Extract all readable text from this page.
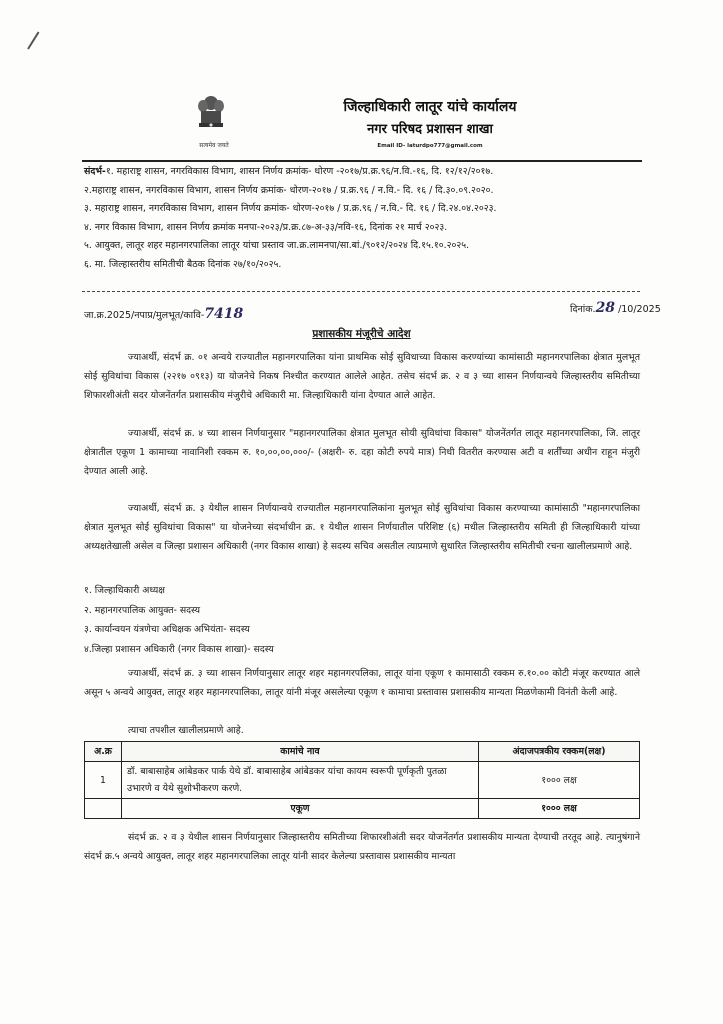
सत्यमेव जयते
जिल्हाधिकारी लातूर यांचे कार्यालय
नगर परिषद प्रशासन शाखा
Email ID- laturdpo777@gmail.com
संदर्भ-१. महाराष्ट्र शासन, नगरविकास विभाग, शासन निर्णय क्रमांक- धोरण -२०१७/प्र.क्र.९६/न.वि.-१६, दि. १२/१२/२०१७.
२.महाराष्ट्र शासन, नगरविकास विभाग, शासन निर्णय क्रमांक- धोरण-२०१७ / प्र.क्र.९६ / न.वि.- दि. १६ / दि.३०.०९.२०२०.
३. महाराष्ट्र शासन, नगरविकास विभाग, शासन निर्णय क्रमांक- धोरण-२०१७ / प्र.क्र.९६ / न.वि.- दि. १६ / दि.२४.०४.२०२३.
४. नगर विकास विभाग, शासन निर्णय क्रमांक मनपा-२०२३/प्र.क्र.८७-अ-३३/नवि-१६, दिनांक २१ मार्च २०२३.
५. आयुक्त, लातूर शहर महानगरपालिका लातूर यांचा प्रस्ताव जा.क्र.लामनपा/सा.बां./९०१२/२०२४ दि.१५.१०.२०२५.
६. मा. जिल्हास्तरीय समितीची बैठक दिनांक २७/१०/२०२५.
जा.क्र.2025/नपाप्र/मुलभूत/कावि-7418	दिनांक.28 /10/2025
प्रशासकीय मंजूरीचे आदेश
ज्याअर्थी, संदर्भ क्र. ०१ अन्वये राज्यातील महानगरपालिका यांना प्राथमिक सोई सुविधाच्या विकास करण्यांच्या कामांसाठी महानगरपालिका क्षेत्रात मुलभूत सोई सुविधांचा विकास (२२१७ ०९१३) या योजनेचे निकष निश्चीत करण्यात आलेले आहेत. तसेच संदर्भ क्र. २ व ३ च्या शासन निर्णयान्वये जिल्हास्तरीय समितीच्या शिफारशीअंती सदर योजनेंतर्गत प्रशासकीय मंजुरीचे अधिकारी मा. जिल्हाधिकारी यांना देण्यात आले आहेत.
ज्याअर्थी, संदर्भ क्र. ४ च्या शासन निर्णयानुसार "महानगरपालिका क्षेत्रात मुलभूत सोयी सुविधांचा विकास" योजनेंतर्गत लातूर महानगरपालिका, जि. लातूर क्षेत्रातील एकूण 1 कामाच्या नावानिशी रक्कम रु. १०,००,००,०००/- (अक्षरी- रु. दहा कोटी रुपये मात्र) निधी वितरीत करण्यास अटी व शर्तींच्या अधीन राहून मंजुरी देण्यात आली आहे.
ज्याअर्थी, संदर्भ क्र. ३ येथील शासन निर्णयान्वये राज्यातील महानगरपालिकांना मुलभूत सोई सुविधांचा विकास करण्याच्या कामांसाठी "महानगरपालिका क्षेत्रात मुलभूत सोई सुविधांचा विकास" या योजनेच्या संदर्भाधीन क्र. १ येथील शासन निर्णयातील परिशिष्ट (६) मधील जिल्हास्तरीय समिती ही जिल्हाधिकारी यांच्या अध्यक्षतेखाली असेल व जिल्हा प्रशासन अधिकारी (नगर विकास शाखा) हे सदस्य सचिव असतील त्याप्रमाणे सुधारित जिल्हास्तरीय समितीची रचना खालीलप्रमाणे आहे.
१. जिल्हाधिकारी अध्यक्ष
२. महानगरपालिक आयुक्त- सदस्य
३. कार्यान्वयन यंत्रणेचा अधिक्षक अभियंता- सदस्य
४.जिल्हा प्रशासन अधिकारी (नगर विकास शाखा)- सदस्य
ज्याअर्थी, संदर्भ क्र. ३ च्या शासन निर्णयानुसार लातूर शहर महानगरपलिका, लातूर यांना एकूण १ कामासाठी रक्कम रु.१०.०० कोटी मंजूर करण्यात आले असून ५ अन्वये आयुक्त, लातूर शहर महानगरपालिका, लातूर यांनी मंजूर असलेल्या एकूण १ कामाचा प्रस्तावास प्रशासकीय मान्यता मिळणेकामी विनंती केली आहे.
त्याचा तपशील खालीलप्रमाणे आहे.
अ.क्र	कामांचे नाव	अंदाजपत्रकीय रक्कम(लक्ष)
1	डॉ. बाबासाहेब आंबेडकर पार्क येथे डॉ. बाबासाहेब आंबेडकर यांचा कायम स्वरूपी पूर्णकृती पुतळा उभारणे व येथे सुशोभीकरण करणे.	१००० लक्ष
	एकूण	१००० लक्ष
संदर्भ क्र. २ व ३ येथील शासन निर्णयानुसार जिल्हास्तरीय समितीच्या शिफारशीअंती सदर योजनेंतर्गत प्रशासकीय मान्यता देण्याची तरतूद आहे. त्यानुषंगाने संदर्भ क्र.५ अन्वये आयुक्त, लातूर शहर महानगरपालिका लातूर यांनी सादर केलेल्या प्रस्तावास प्रशासकीय मान्यता
